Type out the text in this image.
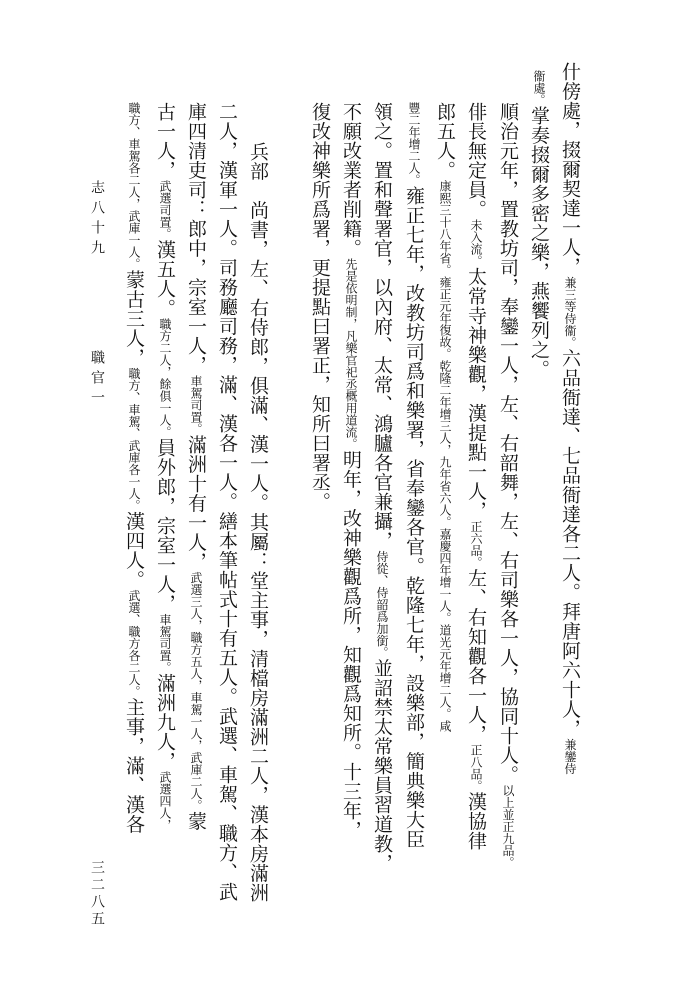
什傍處，掇爾契達一人，兼三等侍衞。六品衙達、七品衙達各二人。拜唐阿六十人，兼鑾侍
衞處。掌奏掇爾多密之樂，燕饗列之。
順治元年，置教坊司，奉鑾一人，左、右韶舞，左、右司樂各一人，協同十人。以上並正九品。
俳長無定員。未入流。太常寺神樂觀，漢提點一人，正六品。左、右知觀各一人，正八品。漢協律
郎五人。康熙三十八年省。雍正元年復故。乾隆二年增三人，九年省六人。嘉慶四年增一人。道光元年增二人。咸
豐二年增二人。雍正七年，改教坊司爲和樂署，省奉鑾各官。乾隆七年，設樂部，簡典樂大臣
領之。置和聲署官，以內府、太常、鴻臚各官兼攝，侍從、侍韶爲加銜。並詔禁太常樂員習道教，
不願改業者削籍。先是依明制，凡樂官祀丞概用道流。明年，改神樂觀爲所，知觀爲知所。十三年，
復改神樂所爲署，更提點曰署正，知所曰署丞。
兵部　尚書，左、右侍郎，俱滿、漢一人。其屬：堂主事，清檔房滿洲二人，漢本房滿洲
二人，漢軍一人。司務廳司務，滿、漢各一人。繕本筆帖式十有五人。武選、車駕、職方、武
庫四清吏司：郎中，宗室一人，車駕司置。滿洲十有一人，武選三人，職方五人，車駕一人，武庫二人。蒙
古一人，武選司置。漢五人。職方二人，餘俱一人。員外郎，宗室一人，車駕司置。滿洲九人，武選四人，
職方、車駕各二人，武庫一人。蒙古三人，職方、車駕、武庫各一人。漢四人。武選、職方各二人。主事，滿、漢各
志八十九職官一
三二八五
